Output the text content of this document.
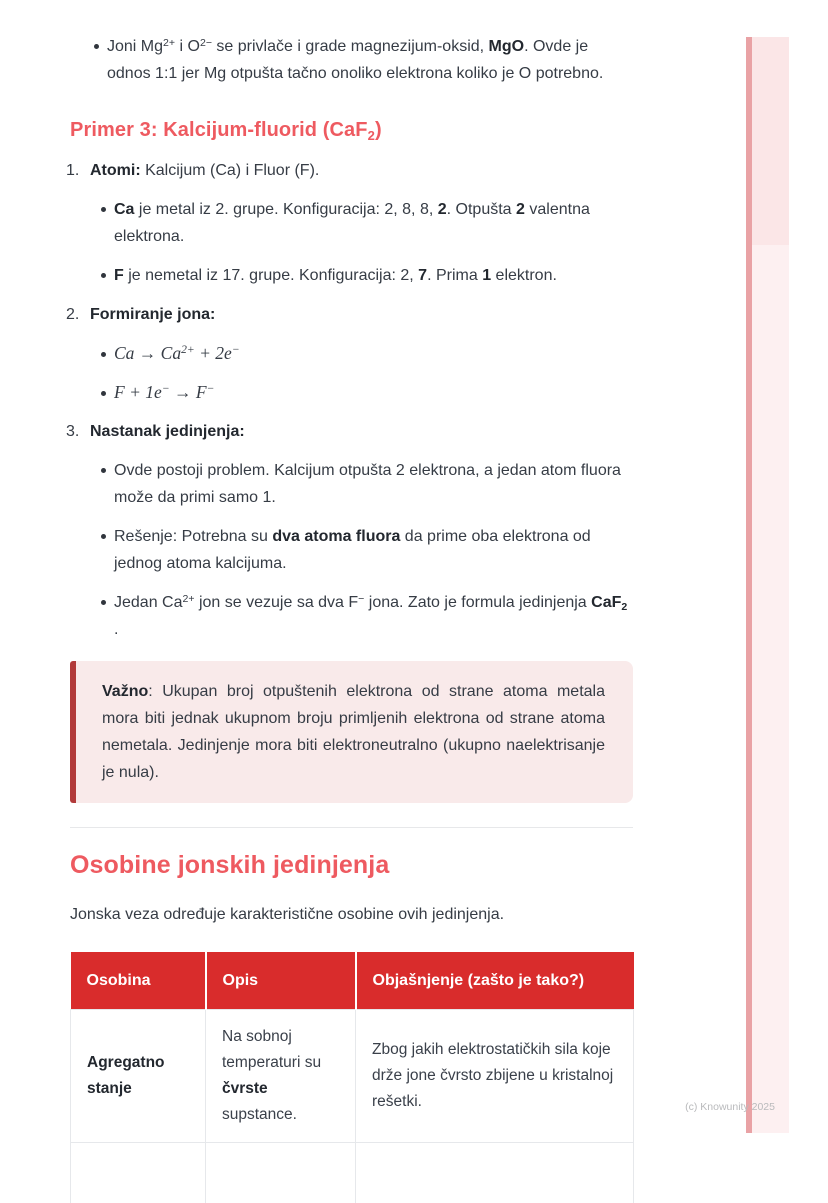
Joni $Mg^{2+}$ i $O^{2-}$ se privlače i grade magnezijum-oksid, MgO. Ovde je odnos 1:1 jer Mg otpušta tačno onoliko elektrona koliko je O potrebno.
Primer 3: Kalcijum-fluorid (CaF$_2$)
1. Atomi: Kalcijum (Ca) i Fluor (F).
Ca je metal iz 2. grupe. Konfiguracija: 2, 8, 8, 2. Otpušta 2 valentna elektrona.
F je nemetal iz 17. grupe. Konfiguracija: 2, 7. Prima 1 elektron.
2. Formiranje jona:
$Ca \to Ca^{2+} + 2e^-$
F + 1e− → F−
3. Nastanak jedinjenja:
Ovde postoji problem. Kalcijum otpušta 2 elektrona, a jedan atom fluora može da primi samo 1.
Rešenje: Potrebna su dva atoma fluora da prime oba elektrona od jednog atoma kalcijuma.
Jedan $Ca^{2+}$ jon se vezuje sa dva F− jona. Zato je formula jedinjenja CaF$_2$ .
Važno: Ukupan broj otpuštenih elektrona od strane atoma metala mora biti jednak ukupnom broju primljenih elektrona od strane atoma nemetala. Jedinjenje mora biti elektroneutralno (ukupno naelektrisanje je nula).
Osobine jonskih jedinjenja

Jonska veza određuje karakteristične osobine ovih jedinjenja.

Osobina	Opis	Objašnjenje (zašto je tako?)
Agregatno stanje	Na sobnoj temperaturi su čvrste supstance.	Zbog jakih elektrostatičkih sila koje drže jone čvrsto zbijene u kristalnoj rešetki.
			(c) Knowunity 2025
